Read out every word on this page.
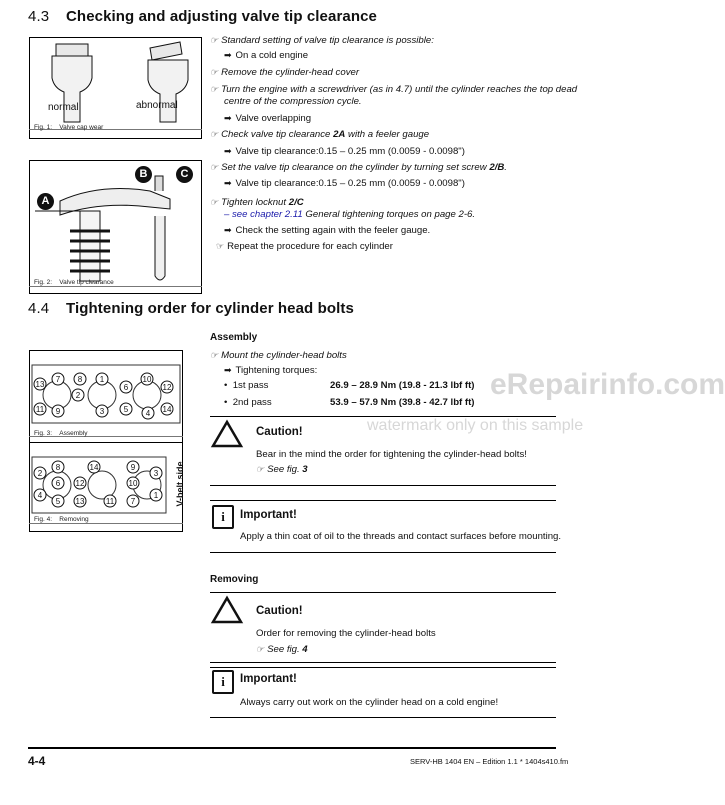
4.3 Checking and adjusting valve tip clearance
normal	abnormal
Fig. 1: Valve cap wear
A
B	C
Fig. 2: Valve tip clearance
☞ Standard setting of valve tip clearance is possible:
➡ On a cold engine
☞ Remove the cylinder-head cover
☞ Turn the engine with a screwdriver (as in 4.7) until the cylinder reaches the top dead
centre of the compression cycle.
➡ Valve overlapping
☞ Check valve tip clearance 2A with a feeler gauge
➡ Valve tip clearance:0.15 – 0.25 mm (0.0059 - 0.0098")
☞ Set the valve tip clearance on the cylinder by turning set screw 2/B.
➡ Valve tip clearance:0.15 – 0.25 mm (0.0059 - 0.0098")
☞ Tighten locknut 2/C
– see chapter 2.11 General tightening torques on page 2-6.
➡ Check the setting again with the feeler gauge.
☞ Repeat the procedure for each cylinder
4.4 Tightening order for cylinder head bolts
13
7	1
6
10
11 9	3 5
12
14
2
4
8
Fig. 3: Assembly
2
8	14	9
3
4
6 12	10
1
5 13	11 7	V-belt side
Fig. 4: Removing
Assembly
☞ Mount the cylinder-head bolts
➡ Tightening torques:
•  1st pass	26.9 – 28.9 Nm (19.8 - 21.3 lbf ft)
•  2nd pass	53.9 – 57.9 Nm (39.8 - 42.7 lbf ft)
Caution!
Bear in the mind the order for tightening the cylinder-head bolts!
☞ See fig. 3
i	Important!
Apply a thin coat of oil to the threads and contact surfaces before mounting.
Removing
Caution!
Order for removing the cylinder-head bolts
☞ See fig. 4
i	Important!
Always carry out work on the cylinder head on a cold engine!
eRepairinfo.com
watermark only on this sample
4-4	SERV-HB 1404 EN – Edition 1.1 * 1404s410.fm
